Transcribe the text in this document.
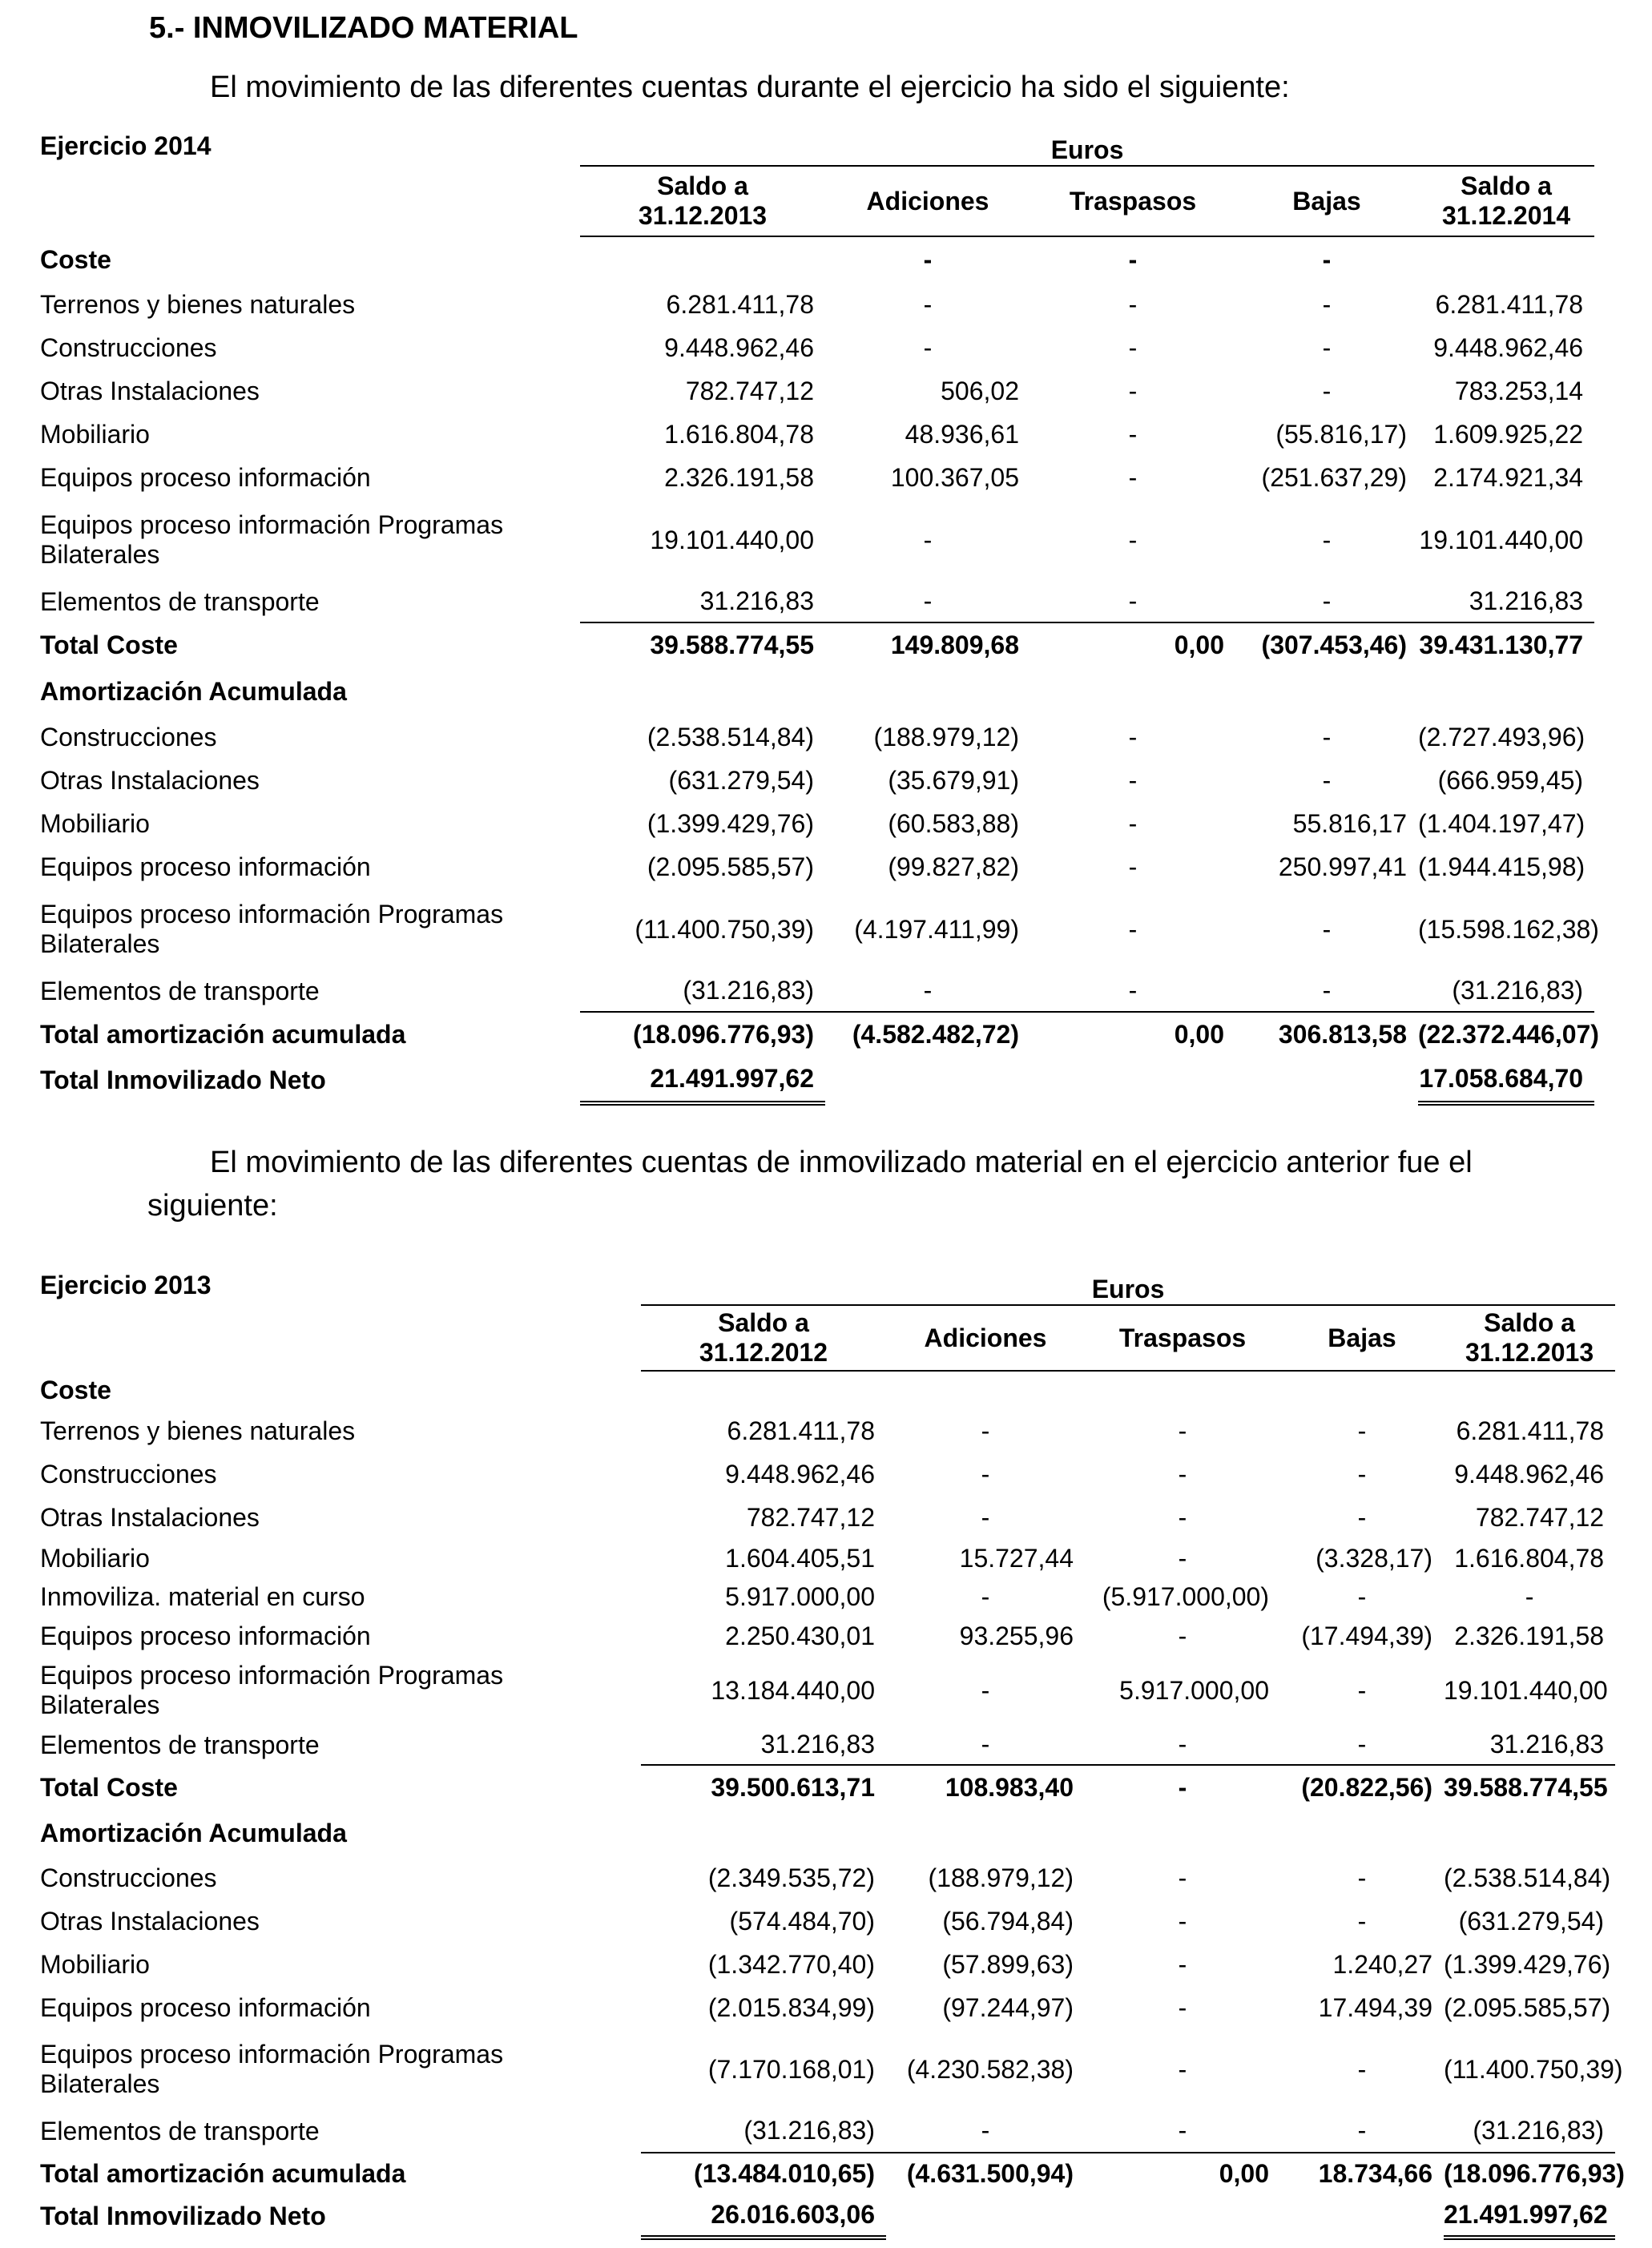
5.- INMOVILIZADO MATERIAL
El movimiento de las diferentes cuentas durante el ejercicio ha sido el siguiente:
Ejercicio 2014
		Euros				
	Saldo a
31.12.2013	Adiciones	Traspasos	Bajas	Saldo a
31.12.2014
Coste		-	-	-	
Terrenos y bienes naturales	6.281.411,78	-	-	-	6.281.411,78
Construcciones	9.448.962,46	-	-	-	9.448.962,46
Otras Instalaciones	782.747,12	506,02	-	-	783.253,14
Mobiliario	1.616.804,78	48.936,61	-	(55.816,17)	1.609.925,22
Equipos proceso información	2.326.191,58	100.367,05	-	(251.637,29)	2.174.921,34
Equipos proceso información Programas Bilaterales	19.101.440,00	-	-	-	19.101.440,00
Elementos de transporte	31.216,83	-	-	-	31.216,83
Total Coste	39.588.774,55	149.809,68	0,00	(307.453,46)	39.431.130,77
Amortización Acumulada					
Construcciones	(2.538.514,84)	(188.979,12)	-	-	(2.727.493,96)
Otras Instalaciones	(631.279,54)	(35.679,91)	-	-	(666.959,45)
Mobiliario	(1.399.429,76)	(60.583,88)	-	55.816,17	(1.404.197,47)
Equipos proceso información	(2.095.585,57)	(99.827,82)	-	250.997,41	(1.944.415,98)
Equipos proceso información Programas Bilaterales	(11.400.750,39)	(4.197.411,99)	-	-	(15.598.162,38)
Elementos de transporte	(31.216,83)	-	-	-	(31.216,83)
Total amortización acumulada	(18.096.776,93)	(4.582.482,72)	0,00	306.813,58	(22.372.446,07)
Total Inmovilizado Neto	21.491.997,62				17.058.684,70
El movimiento de las diferentes cuentas de inmovilizado material en el ejercicio anterior fue el
siguiente:
Ejercicio 2013
		Euros				
	Saldo a
31.12.2012	Adiciones	Traspasos	Bajas	Saldo a
31.12.2013
Coste					
Terrenos y bienes naturales	6.281.411,78	-	-	-	6.281.411,78
Construcciones	9.448.962,46	-	-	-	9.448.962,46
Otras Instalaciones	782.747,12	-	-	-	782.747,12
Mobiliario	1.604.405,51	15.727,44	-	(3.328,17)	1.616.804,78
Inmoviliza. material en curso	5.917.000,00	-	(5.917.000,00)	-	-
Equipos proceso información	2.250.430,01	93.255,96	-	(17.494,39)	2.326.191,58
Equipos proceso información Programas Bilaterales	13.184.440,00	-	5.917.000,00	-	19.101.440,00
Elementos de transporte	31.216,83	-	-	-	31.216,83
Total Coste	39.500.613,71	108.983,40	-	(20.822,56)	39.588.774,55
Amortización Acumulada					
Construcciones	(2.349.535,72)	(188.979,12)	-	-	(2.538.514,84)
Otras Instalaciones	(574.484,70)	(56.794,84)	-	-	(631.279,54)
Mobiliario	(1.342.770,40)	(57.899,63)	-	1.240,27	(1.399.429,76)
Equipos proceso información	(2.015.834,99)	(97.244,97)	-	17.494,39	(2.095.585,57)
Equipos proceso información Programas Bilaterales	(7.170.168,01)	(4.230.582,38)	-	-	(11.400.750,39)
Elementos de transporte	(31.216,83)	-	-	-	(31.216,83)
Total amortización acumulada	(13.484.010,65)	(4.631.500,94)	0,00	18.734,66	(18.096.776,93)
Total Inmovilizado Neto	26.016.603,06				21.491.997,62
